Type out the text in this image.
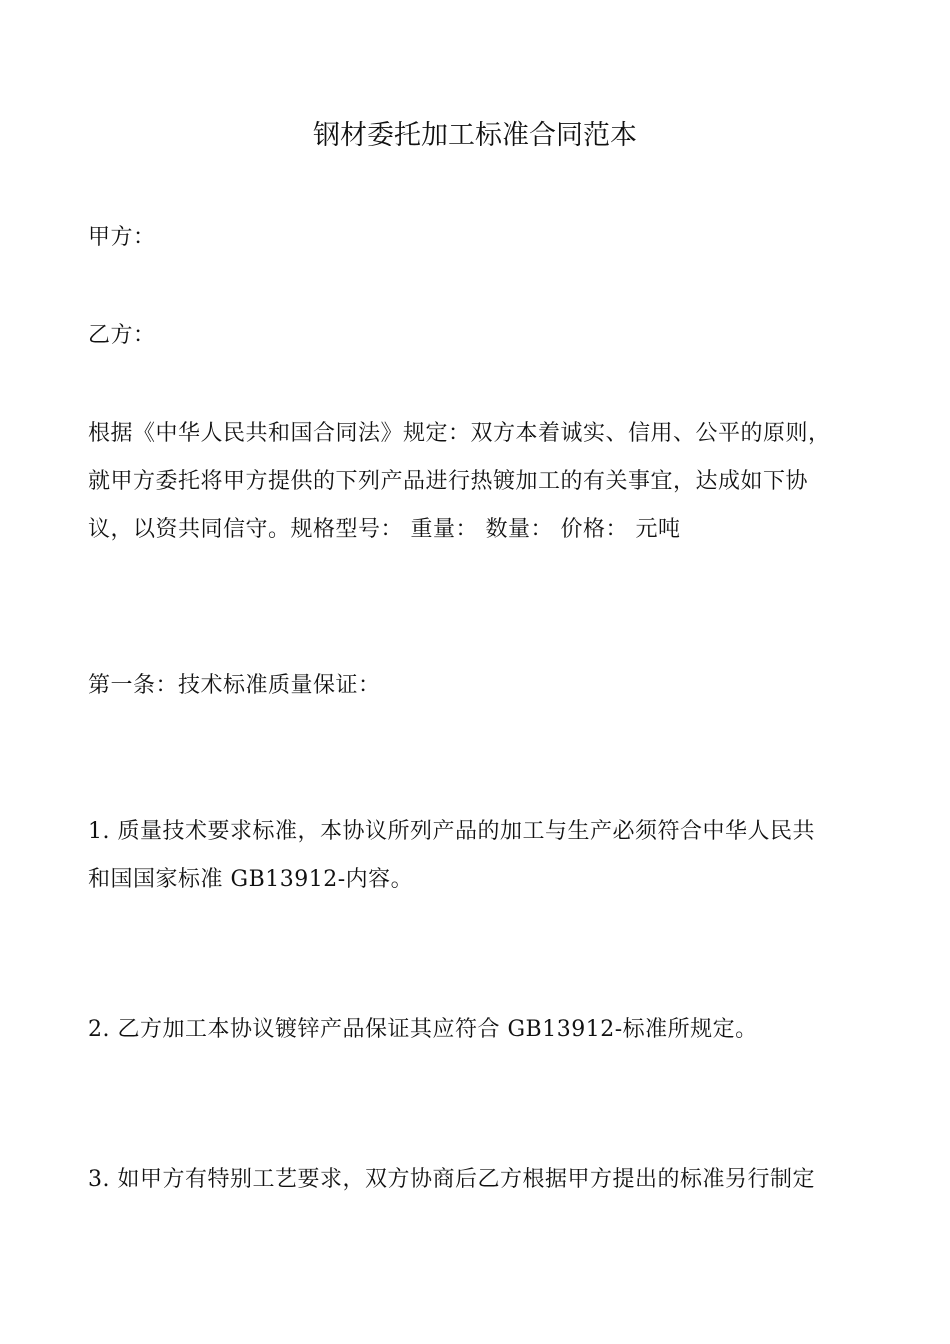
钢材委托加工标准合同范本

甲方：

乙方：

根据《中华人民共和国合同法》规定：双方本着诚实、信用、公平的原则，
就甲方委托将甲方提供的下列产品进行热镀加工的有关事宜，达成如下协
议，以资共同信守。规格型号： 重量： 数量： 价格： 元吨

第一条：技术标准质量保证：

1. 质量技术要求标准，本协议所列产品的加工与生产必须符合中华人民共
和国国家标准 GB13912-内容。

2. 乙方加工本协议镀锌产品保证其应符合 GB13912-标准所规定。

3. 如甲方有特别工艺要求，双方协商后乙方根据甲方提出的标准另行制定
